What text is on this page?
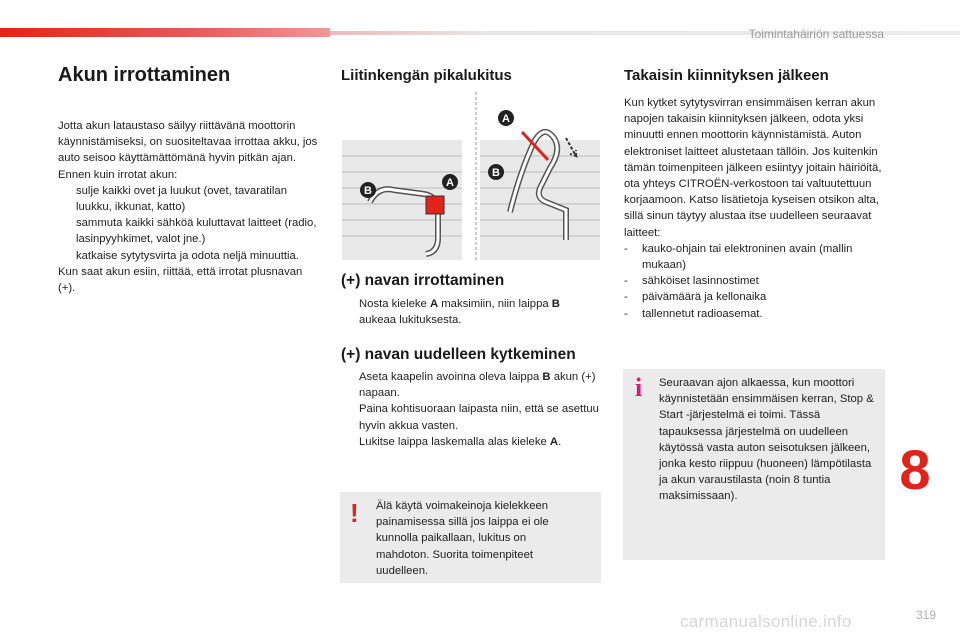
Toimintahäiriön sattuessa
Akun irrottaminen

Jotta akun lataustaso säilyy riittävänä moottorin käynnistämiseksi, on suositeltavaa irrottaa akku, jos auto seisoo käyttämättömänä hyvin pitkän ajan.

Ennen kuin irrotat akun:

sulje kaikki ovet ja luukut (ovet, tavaratilan luukku, ikkunat, katto)
sammuta kaikki sähköä kuluttavat laitteet (radio, lasinpyyhkimet, valot jne.)
katkaise sytytysvirta ja odota neljä minuuttia.

Kun saat akun esiin, riittää, että irrotat plusnavan (+).

Liitinkengän pikalukitus
B
A
A
B
(+) navan irrottaminen
Nosta kieleke A maksimiin, niin laippa B aukeaa lukituksesta.
(+) navan uudelleen kytkeminen
Aseta kaapelin avoinna oleva laippa B akun (+) napaan.
Paina kohtisuoraan laipasta niin, että se asettuu hyvin akkua vasten.
Lukitse laippa laskemalla alas kieleke A.
! Älä käytä voimakeinoja kielekkeen painamisessa sillä jos laippa ei ole kunnolla paikallaan, lukitus on mahdoton. Suorita toimenpiteet uudelleen.
Takaisin kiinnityksen jälkeen

Kun kytket sytytysvirran ensimmäisen kerran akun napojen takaisin kiinnityksen jälkeen, odota yksi minuutti ennen moottorin käynnistämistä. Auton elektroniset laitteet alustetaan tällöin. Jos kuitenkin tämän toimenpiteen jälkeen esiintyy joitain häiriöitä, ota yhteys CITROËN-verkostoon tai valtuutettuun korjaamoon. Katso lisätietoja kyseisen otsikon alta, sillä sinun täytyy alustaa itse uudelleen seuraavat laitteet:

-	kauko-ohjain tai elektroninen avain (mallin mukaan)
-	sähköiset lasinnostimet
-	päivämäärä ja kellonaika
-	tallennetut radioasemat.
i Seuraavan ajon alkaessa, kun moottori käynnistetään ensimmäisen kerran, Stop & Start -järjestelmä ei toimi. Tässä tapauksessa järjestelmä on uudelleen käytössä vasta auton seisotuksen jälkeen, jonka kesto riippuu (huoneen) lämpötilasta ja akun varaustilasta (noin 8 tuntia maksimissaan).	8
319
carmanualsonline.info
